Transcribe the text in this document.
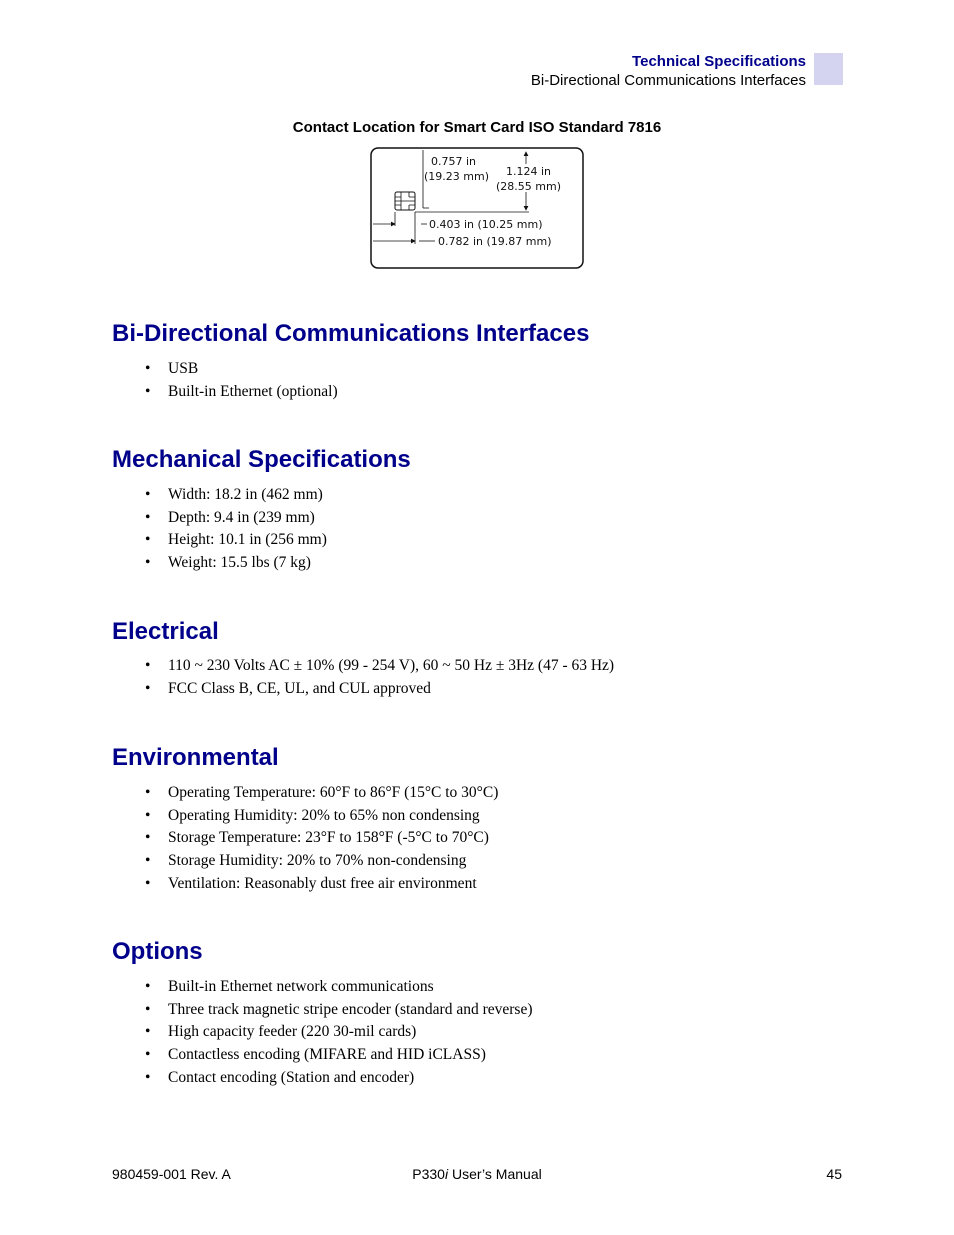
Technical Specifications
Bi-Directional Communications Interfaces
Contact Location for Smart Card ISO Standard 7816
0.757 in
(19.23 mm) 1.124 in
(28.55 mm)
0.403 in (10.25 mm)
0.782 in (19.87 mm)
Bi-Directional Communications Interfaces
• USB
• Built-in Ethernet (optional)
Mechanical Specifications
• Width: 18.2 in (462 mm)
• Depth: 9.4 in (239 mm)
• Height: 10.1 in (256 mm)
• Weight: 15.5 lbs (7 kg)
Electrical
• 110 ~ 230 Volts AC ± 10% (99 - 254 V), 60 ~ 50 Hz ± 3Hz (47 - 63 Hz)
• FCC Class B, CE, UL, and CUL approved
Environmental
• Operating Temperature: 60°F to 86°F (15°C to 30°C)
• Operating Humidity: 20% to 65% non condensing
• Storage Temperature: 23°F to 158°F (-5°C to 70°C)
• Storage Humidity: 20% to 70% non-condensing
• Ventilation: Reasonably dust free air environment
Options
• Built-in Ethernet network communications
• Three track magnetic stripe encoder (standard and reverse)
• High capacity feeder (220 30-mil cards)
• Contactless encoding (MIFARE and HID iCLASS)
• Contact encoding (Station and encoder)
980459-001 Rev. A	P330i User’s Manual	45
